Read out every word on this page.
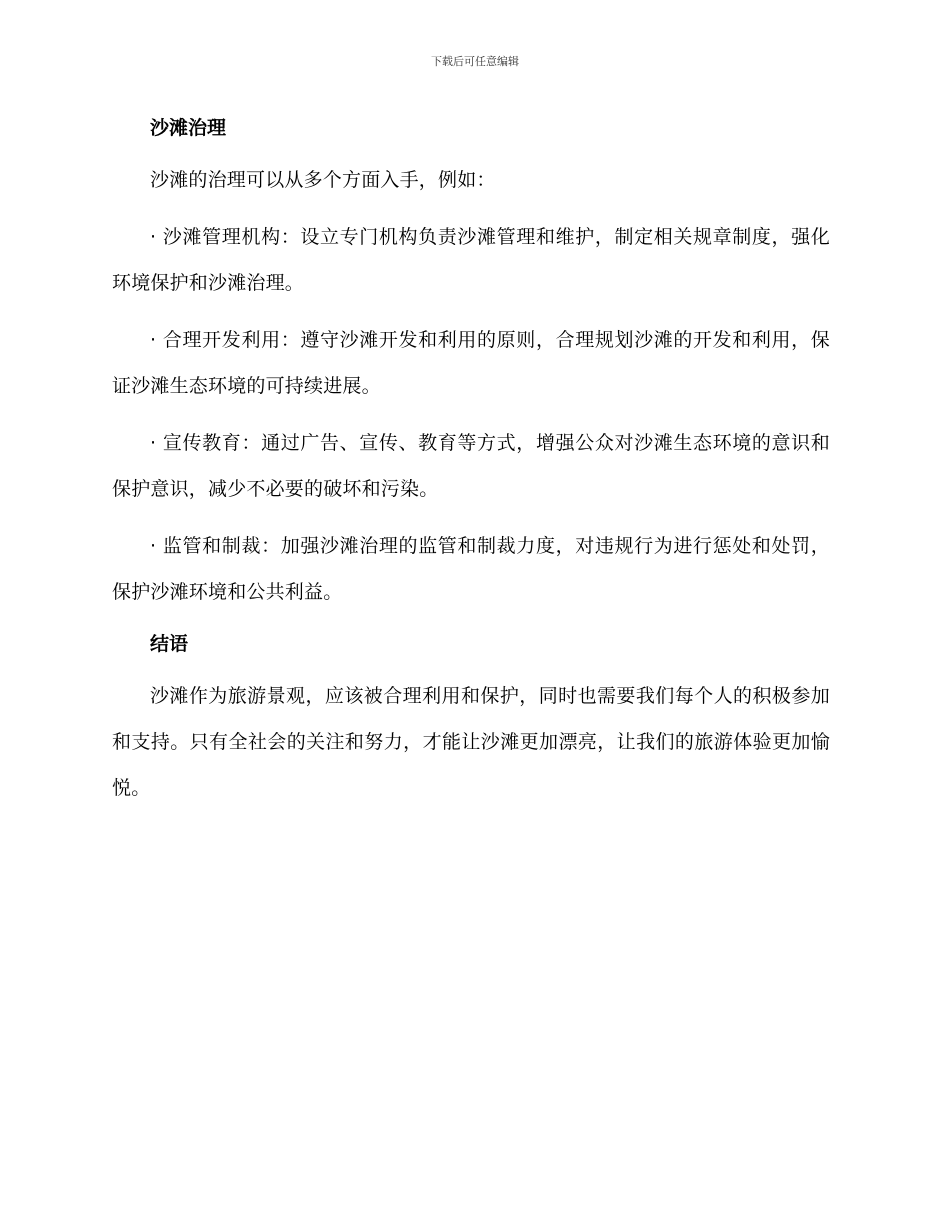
下载后可任意编辑
沙滩治理

沙滩的治理可以从多个方面入手，例如：

· 沙滩管理机构：设立专门机构负责沙滩管理和维护，制定相关规章制度，强化环境保护和沙滩治理。

· 合理开发利用：遵守沙滩开发和利用的原则，合理规划沙滩的开发和利用，保证沙滩生态环境的可持续进展。

· 宣传教育：通过广告、宣传、教育等方式，增强公众对沙滩生态环境的意识和保护意识，减少不必要的破坏和污染。

· 监管和制裁：加强沙滩治理的监管和制裁力度，对违规行为进行惩处和处罚，保护沙滩环境和公共利益。

结语

沙滩作为旅游景观，应该被合理利用和保护，同时也需要我们每个人的积极参加和支持。只有全社会的关注和努力，才能让沙滩更加漂亮，让我们的旅游体验更加愉悦。
